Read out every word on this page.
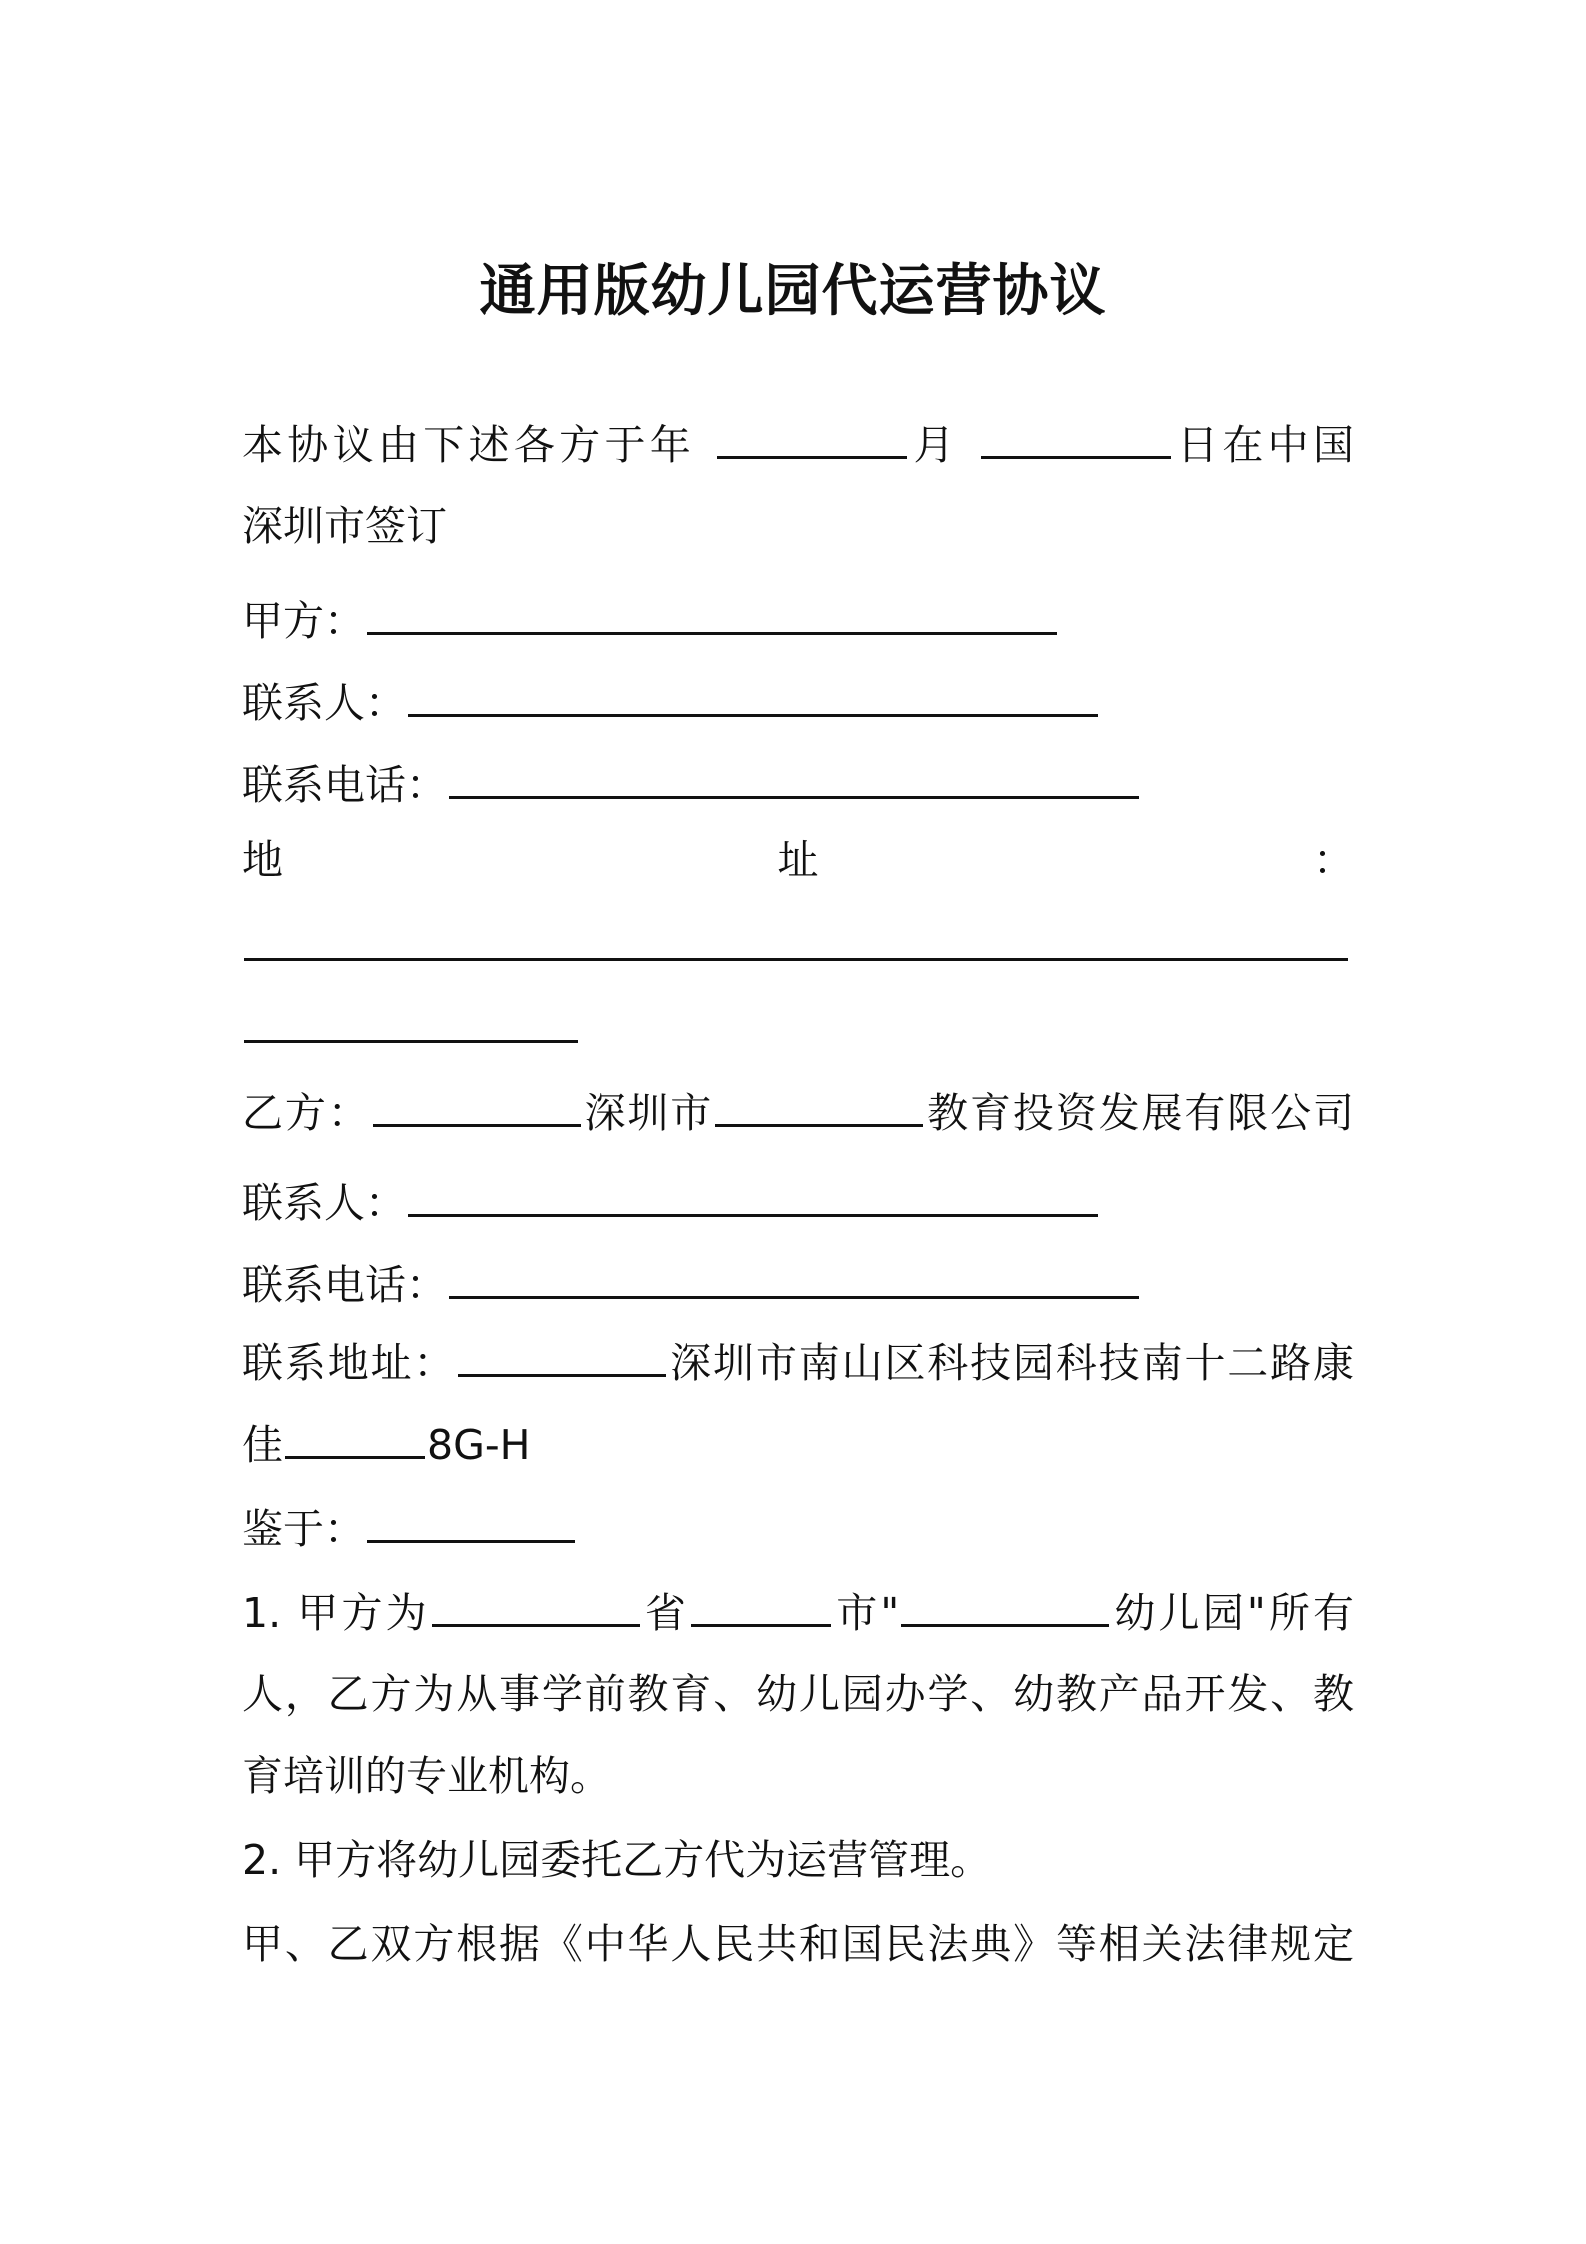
通用版幼儿园代运营协议
本协议由下述各方于年	月	日在中国
深圳市签订
甲方：
联系人：
联系电话：
地	址	：
乙方：	深圳市	教育投资发展有限公司
联系人：
联系电话：
联系地址：	深圳市南山区科技园科技南十二路康
佳	8G-H
鉴于：
1. 甲方为	省	市"	幼儿园"所有
人，乙方为从事学前教育、幼儿园办学、幼教产品开发、教
育培训的专业机构。
2. 甲方将幼儿园委托乙方代为运营管理。
甲、乙双方根据《中华人民共和国民法典》等相关法律规定
